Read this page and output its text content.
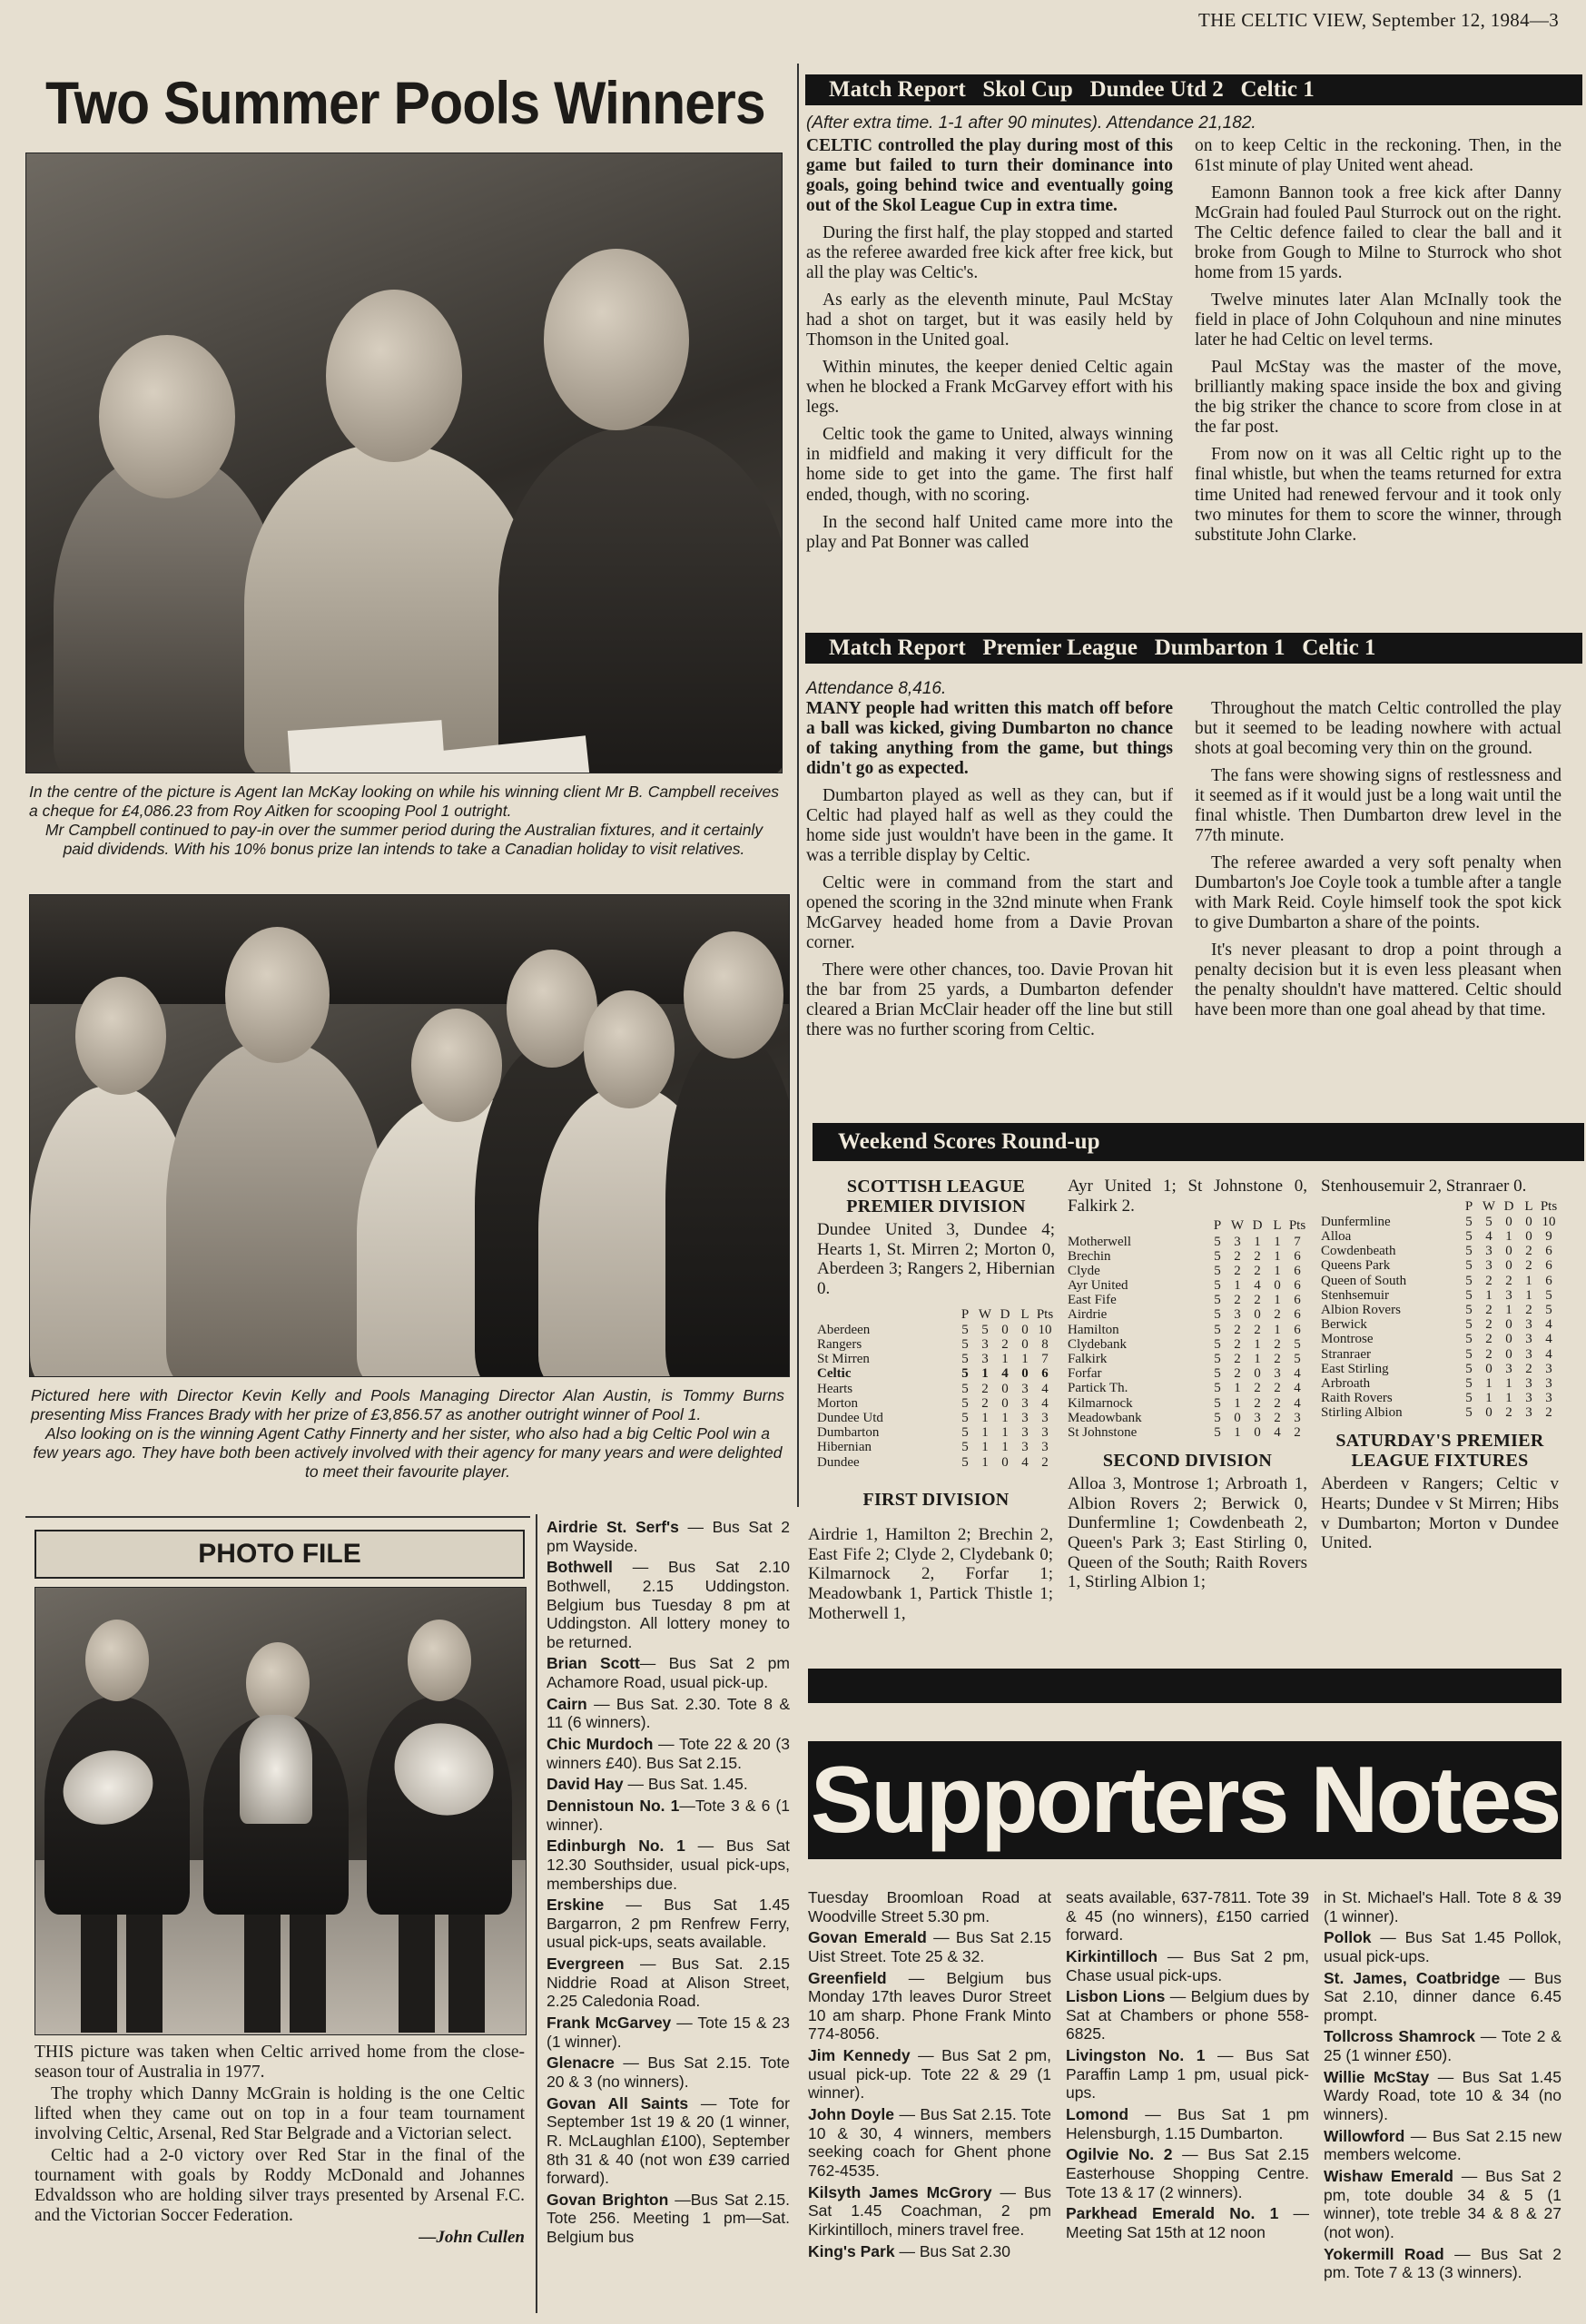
THE CELTIC VIEW, September 12, 1984—3
Two Summer Pools Winners

In the centre of the picture is Agent Ian McKay looking on while his winning client Mr B. Campbell receives a cheque for £4,086.23 from Roy Aitken for scooping Pool 1 outright.

Mr Campbell continued to pay-in over the summer period during the Australian fixtures, and it certainly paid dividends. With his 10% bonus prize Ian intends to take a Canadian holiday to visit relatives.

Pictured here with Director Kevin Kelly and Pools Managing Director Alan Austin, is Tommy Burns presenting Miss Frances Brady with her prize of £3,856.57 as another outright winner of Pool 1.

Also looking on is the winning Agent Cathy Finnerty and her sister, who also had a big Celtic Pool win a few years ago. They have both been actively involved with their agency for many years and were delighted to meet their favourite player.

PHOTO FILE

THIS picture was taken when Celtic arrived home from the close-season tour of Australia in 1977.

The trophy which Danny McGrain is holding is the one Celtic lifted when they came out on top in a four team tournament involving Celtic, Arsenal, Red Star Belgrade and a Victorian select.

Celtic had a 2-0 victory over Red Star in the final of the tournament with goals by Roddy McDonald and Johannes Edvaldsson who are holding silver trays presented by Arsenal F.C. and the Victorian Soccer Federation.

—John Cullen

Airdrie St. Serf's — Bus Sat 2 pm Wayside.

Bothwell — Bus Sat 2.10 Bothwell, 2.15 Uddingston. Belgium bus Tuesday 8 pm at Uddingston. All lottery money to be returned.

Brian Scott— Bus Sat 2 pm Achamore Road, usual pick-up.

Cairn — Bus Sat. 2.30. Tote 8 & 11 (6 winners).

Chic Murdoch — Tote 22 & 20 (3 winners £40). Bus Sat 2.15.

David Hay — Bus Sat. 1.45.

Dennistoun No. 1—Tote 3 & 6 (1 winner).

Edinburgh No. 1 — Bus Sat 12.30 Southsider, usual pick-ups, memberships due.

Erskine — Bus Sat 1.45 Bargarron, 2 pm Renfrew Ferry, usual pick-ups, seats available.

Evergreen — Bus Sat. 2.15 Niddrie Road at Alison Street, 2.25 Caledonia Road.

Frank McGarvey — Tote 15 & 23 (1 winner).

Glenacre — Bus Sat 2.15. Tote 20 & 3 (no winners).

Govan All Saints — Tote for September 1st 19 & 20 (1 winner, R. McLaughlan £100), September 8th 31 & 40 (not won £39 carried forward).

Govan Brighton —Bus Sat 2.15. Tote 256. Meeting 1 pm—Sat. Belgium bus

Match Report   Skol Cup   Dundee Utd 2   Celtic 1
(After extra time. 1-1 after 90 minutes). Attendance 21,182.

CELTIC controlled the play during most of this game but failed to turn their dominance into goals, going behind twice and eventually going out of the Skol League Cup in extra time.

During the first half, the play stopped and started as the referee awarded free kick after free kick, but all the play was Celtic's.

As early as the eleventh minute, Paul McStay had a shot on target, but it was easily held by Thomson in the United goal.

Within minutes, the keeper denied Celtic again when he blocked a Frank McGarvey effort with his legs.

Celtic took the game to United, always winning in midfield and making it very difficult for the home side to get into the game. The first half ended, though, with no scoring.

In the second half United came more into the play and Pat Bonner was called

on to keep Celtic in the reckoning. Then, in the 61st minute of play United went ahead.

Eamonn Bannon took a free kick after Danny McGrain had fouled Paul Sturrock out on the right. The Celtic defence failed to clear the ball and it broke from Gough to Milne to Sturrock who shot home from 15 yards.

Twelve minutes later Alan McInally took the field in place of John Colquhoun and nine minutes later he had Celtic on level terms.

Paul McStay was the master of the move, brilliantly making space inside the box and giving the big striker the chance to score from close in at the far post.

From now on it was all Celtic right up to the final whistle, but when the teams returned for extra time United had renewed fervour and it took only two minutes for them to score the winner, through substitute John Clarke.

Match Report   Premier League   Dumbarton 1   Celtic 1
Attendance 8,416.

MANY people had written this match off before a ball was kicked, giving Dumbarton no chance of taking anything from the game, but things didn't go as expected.

Dumbarton played as well as they can, but if Celtic had played half as well as they could the home side just wouldn't have been in the game. It was a terrible display by Celtic.

Celtic were in command from the start and opened the scoring in the 32nd minute when Frank McGarvey headed home from a Davie Provan corner.

There were other chances, too. Davie Provan hit the bar from 25 yards, a Dumbarton defender cleared a Brian McClair header off the line but still there was no further scoring from Celtic.

Throughout the match Celtic controlled the play but it seemed to be leading nowhere with actual shots at goal becoming very thin on the ground.

The fans were showing signs of restlessness and it seemed as if it would just be a long wait until the final whistle. Then Dumbarton drew level in the 77th minute.

The referee awarded a very soft penalty when Dumbarton's Joe Coyle took a tumble after a tangle with Mark Reid. Coyle himself took the spot kick to give Dumbarton a share of the points.

It's never pleasant to drop a point through a penalty decision but it is even less pleasant when the penalty shouldn't have mattered. Celtic should have been more than one goal ahead by that time.

Weekend Scores Round-up
SCOTTISH LEAGUE PREMIER DIVISION
Dundee United 3, Dundee 4; Hearts 1, St. Mirren 2; Morton 0, Aberdeen 3; Rangers 2, Hibernian 0.
	P	W	D	L	Pts
Aberdeen	5	5	0	0	10
Rangers	5	3	2	0	8
St Mirren	5	3	1	1	7
Celtic	5	1	4	0	6
Hearts	5	2	0	3	4
Morton	5	2	0	3	4
Dundee Utd	5	1	1	3	3
Dumbarton	5	1	1	3	3
Hibernian	5	1	1	3	3
Dundee	5	1	0	4	2
FIRST DIVISION
Airdrie 1, Hamilton 2; Brechin 2, East Fife 2; Clyde 2, Clydebank 0; Kilmarnock 2, Forfar 1; Meadowbank 1, Partick Thistle 1; Motherwell 1,
Ayr United 1; St Johnstone 0, Falkirk 2.
	P	W	D	L	Pts
Motherwell	5	3	1	1	7
Brechin	5	2	2	1	6
Clyde	5	2	2	1	6
Ayr United	5	1	4	0	6
East Fife	5	2	2	1	6
Airdrie	5	3	0	2	6
Hamilton	5	2	2	1	6
Clydebank	5	2	1	2	5
Falkirk	5	2	1	2	5
Forfar	5	2	0	3	4
Partick Th.	5	1	2	2	4
Kilmarnock	5	1	2	2	4
Meadowbank	5	0	3	2	3
St Johnstone	5	1	0	4	2
SECOND DIVISION
Alloa 3, Montrose 1; Arbroath 1, Albion Rovers 2; Berwick 0, Dunfermline 1; Cowdenbeath 2, Queen's Park 3; East Stirling 0, Queen of the South; Raith Rovers 1, Stirling Albion 1;
Stenhousemuir 2, Stranraer 0.
	P	W	D	L	Pts
Dunfermline	5	5	0	0	10
Alloa	5	4	1	0	9
Cowdenbeath	5	3	0	2	6
Queens Park	5	3	0	2	6
Queen of South	5	2	2	1	6
Stenhsemuir	5	1	3	1	5
Albion Rovers	5	2	1	2	5
Berwick	5	2	0	3	4
Montrose	5	2	0	3	4
Stranraer	5	2	0	3	4
East Stirling	5	0	3	2	3
Arbroath	5	1	1	3	3
Raith Rovers	5	1	1	3	3
Stirling Albion	5	0	2	3	2
SATURDAY'S PREMIER LEAGUE FIXTURES
Aberdeen v Rangers; Celtic v Hearts; Dundee v St Mirren; Hibs v Dumbarton; Morton v Dundee United.
Supporters Notes

Tuesday Broomloan Road at Woodville Street 5.30 pm.

Govan Emerald — Bus Sat 2.15 Uist Street. Tote 25 & 32.

Greenfield — Belgium bus Monday 17th leaves Duror Street 10 am sharp. Phone Frank Minto 774-8056.

Jim Kennedy — Bus Sat 2 pm, usual pick-up. Tote 22 & 29 (1 winner).

John Doyle — Bus Sat 2.15. Tote 10 & 30, 4 winners, members seeking coach for Ghent phone 762-4535.

Kilsyth James McGrory — Bus Sat 1.45 Coachman, 2 pm Kirkintilloch, miners travel free.

King's Park — Bus Sat 2.30

seats available, 637-7811. Tote 39 & 45 (no winners), £150 carried forward.

Kirkintilloch — Bus Sat 2 pm, Chase usual pick-ups.

Lisbon Lions — Belgium dues by Sat at Chambers or phone 558-6825.

Livingston No. 1 — Bus Sat Paraffin Lamp 1 pm, usual pick-ups.

Lomond — Bus Sat 1 pm Helensburgh, 1.15 Dumbarton.

Ogilvie No. 2 — Bus Sat 2.15 Easterhouse Shopping Centre. Tote 13 & 17 (2 winners).

Parkhead Emerald No. 1 — Meeting Sat 15th at 12 noon

in St. Michael's Hall. Tote 8 & 39 (1 winner).

Pollok — Bus Sat 1.45 Pollok, usual pick-ups.

St. James, Coatbridge — Bus Sat 2.10, dinner dance 6.45 prompt.

Tollcross Shamrock — Tote 2 & 25 (1 winner £50).

Willie McStay — Bus Sat 1.45 Wardy Road, tote 10 & 34 (no winners).

Willowford — Bus Sat 2.15 new members welcome.

Wishaw Emerald — Bus Sat 2 pm, tote double 34 & 5 (1 winner), tote treble 34 & 8 & 27 (not won).

Yokermill Road — Bus Sat 2 pm. Tote 7 & 13 (3 winners).
